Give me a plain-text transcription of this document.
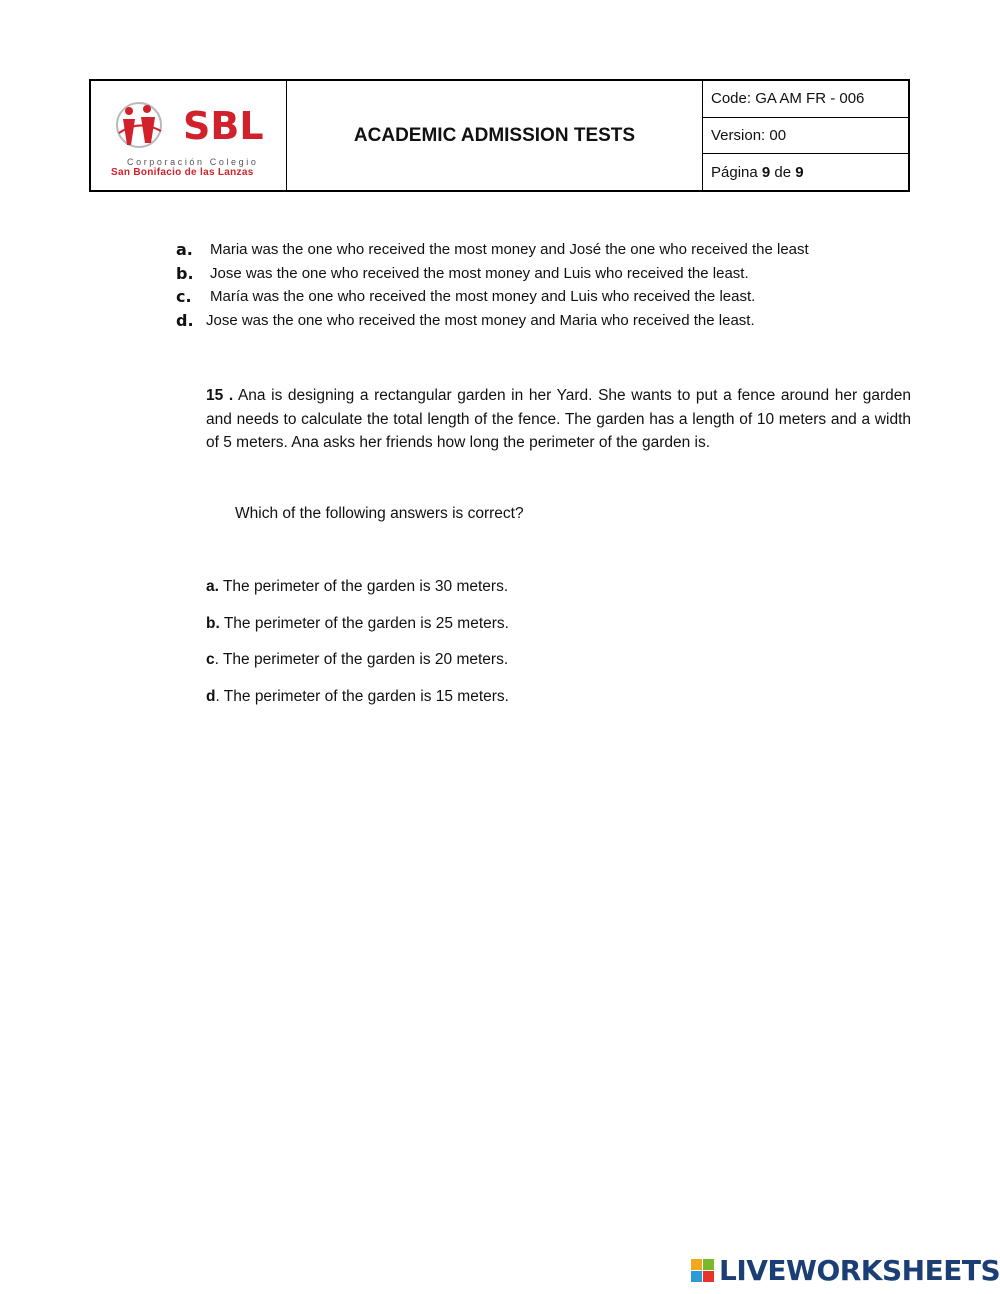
SBL
Corporación Colegio
San Bonifacio de las Lanzas
ACADEMIC ADMISSION TESTS
Code: GA AM FR - 006
Version: 00
Página 9 de 9
a.	Maria was the one who received the most money and José the one who received the least
b.	Jose was the one who received the most money and Luis who received the least.
c.	María was the one who received the most money and Luis who received the least.
d. Jose was the one who received the most money and Maria who received the least.
15 . Ana is designing a rectangular garden in her Yard. She wants to put a fence around her garden and needs to calculate the total length of the fence. The garden has a length of 10 meters and a width of 5 meters. Ana asks her friends how long the perimeter of the garden is.
Which of the following answers is correct?
a. The perimeter of the garden is 30 meters.
b. The perimeter of the garden is 25 meters.
c. The perimeter of the garden is 20 meters.
d. The perimeter of the garden is 15 meters.
LIVEWORKSHEETS
